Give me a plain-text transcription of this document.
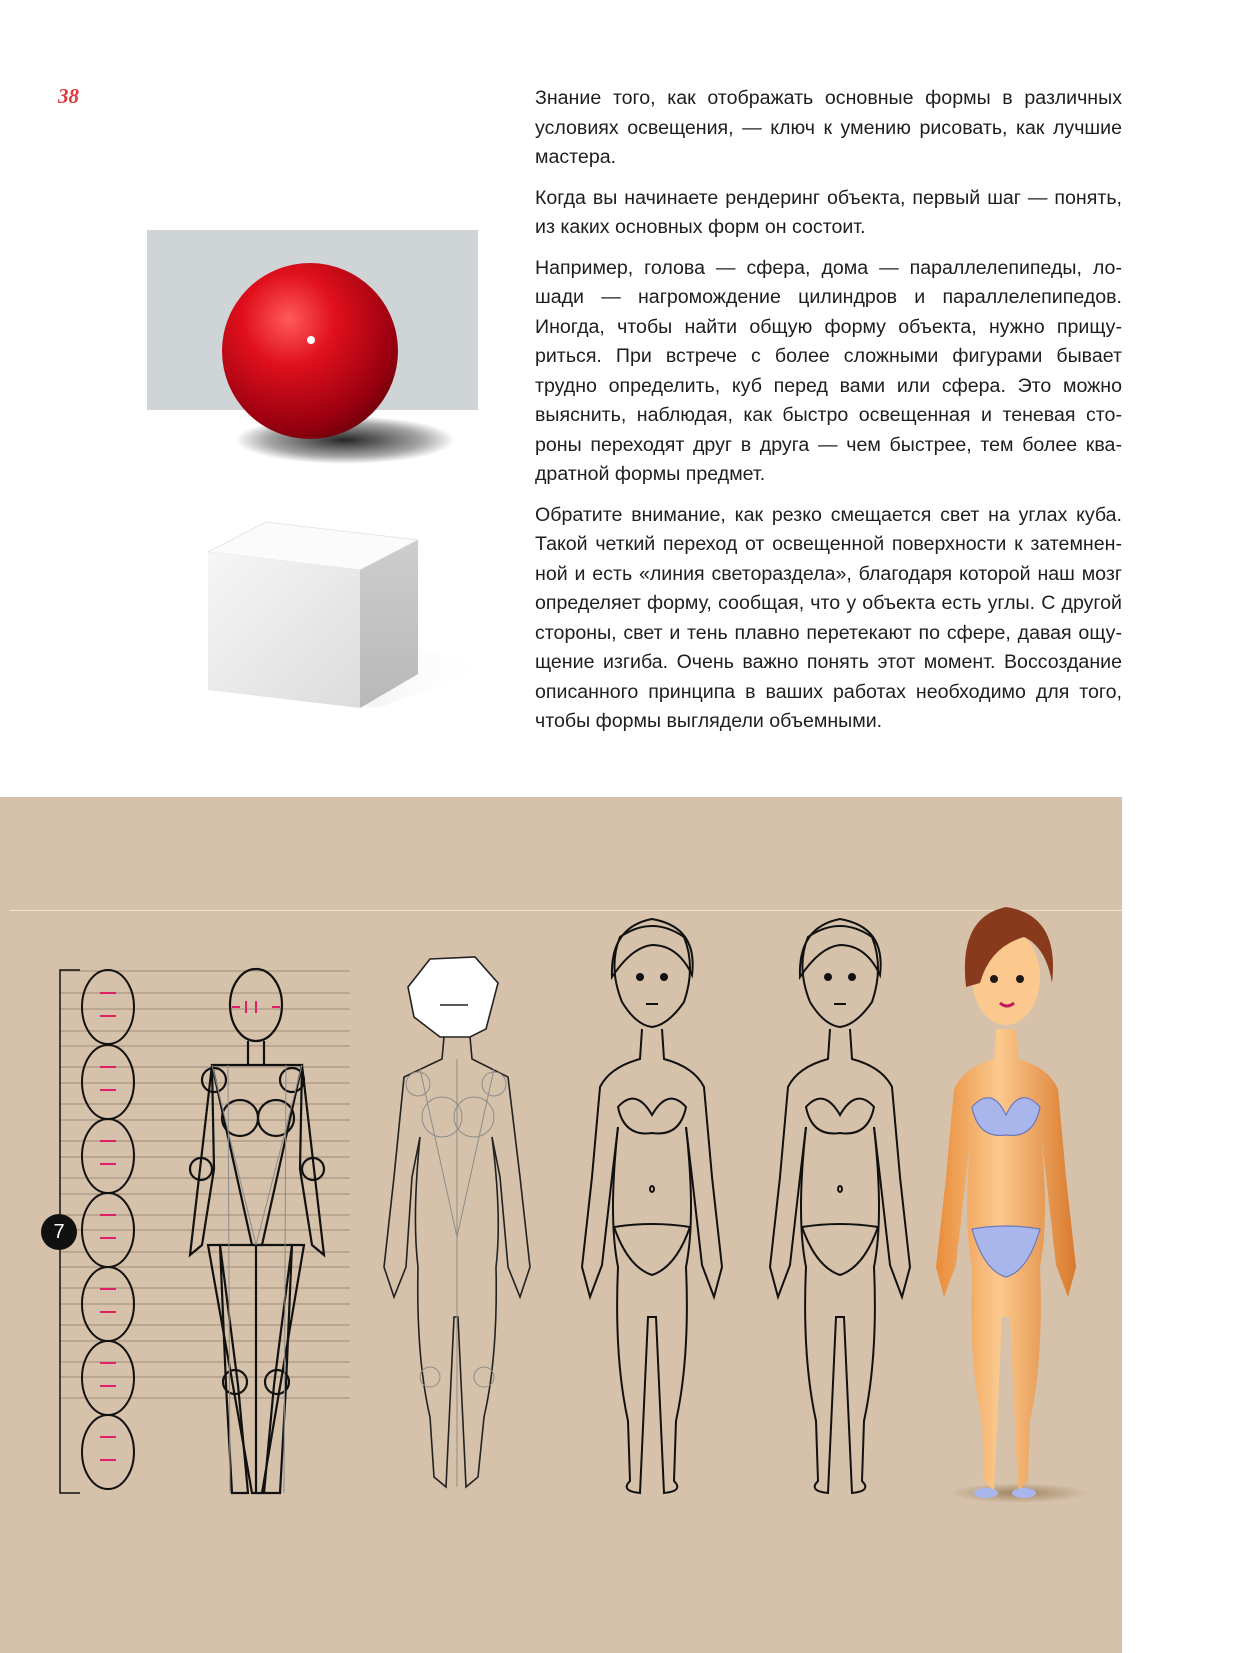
38	Знание того, как отображать основные формы в различных условиях освещения, — ключ к умению рисовать, как лучшие мастера.

Когда вы начинаете рендеринг объекта, первый шаг — понять, из каких основных форм он состоит.

Например, голова — сфера, дома — параллелепипеды, лошади — нагромождение цилиндров и параллелепипедов. Иногда, чтобы найти общую форму объекта, нужно прищуриться. При встрече с более сложными фигурами бывает трудно определить, куб перед вами или сфера. Это можно выяснить, наблюдая, как быстро освещенная и теневая стороны переходят друг в друга — чем быстрее, тем более квадратной формы предмет.

Обратите внимание, как резко смещается свет на углах куба. Такой четкий переход от освещенной поверхности к затемненной и есть «линия светораздела», благодаря которой наш мозг определяет форму, сообщая, что у объекта есть углы. С другой стороны, свет и тень плавно перетекают по сфере, давая ощущение изгиба. Очень важно понять этот момент. Воссоздание описанного принципа в ваших работах необходимо для того, чтобы формы выглядели объемными.

7
